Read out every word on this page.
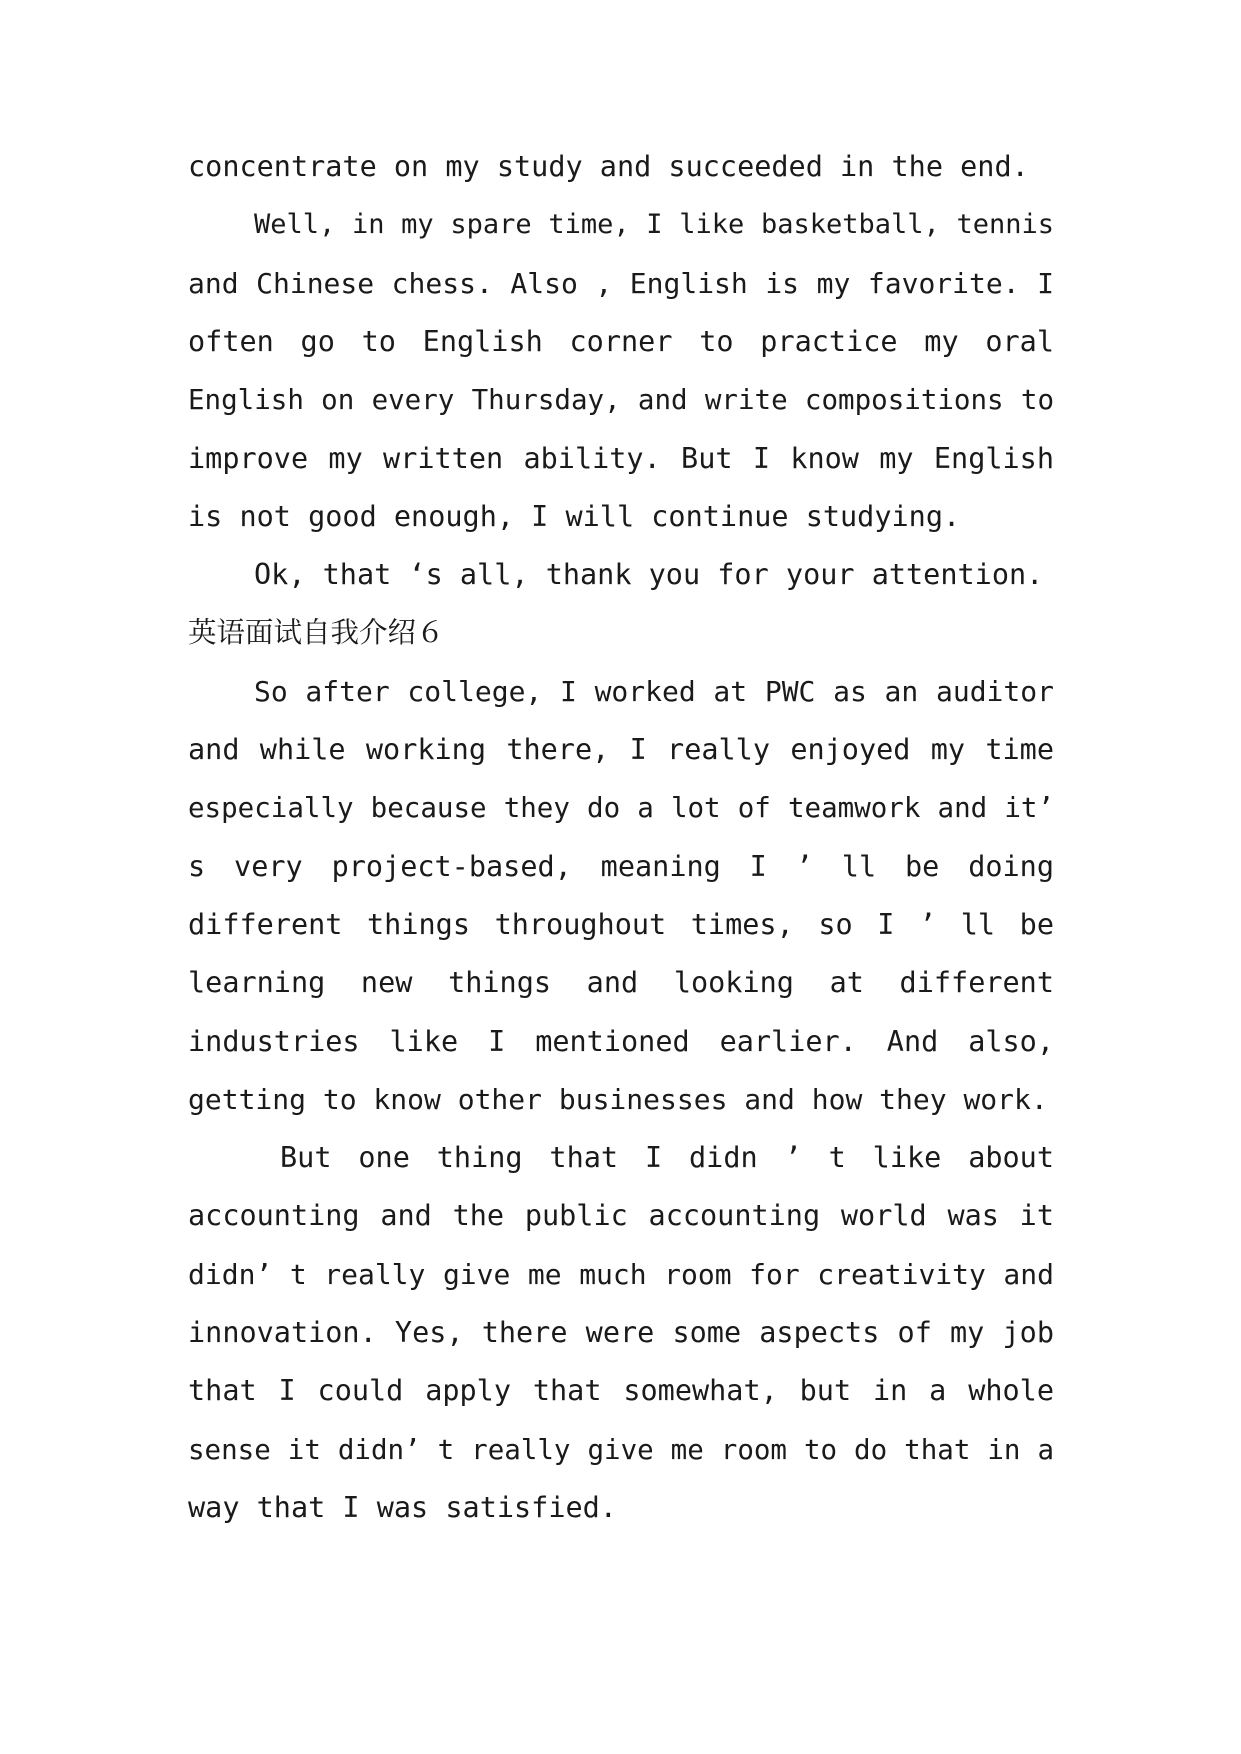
concentrate on my study and succeeded in the end.
Well, in my spare time, I like basketball, tennis
and Chinese chess. Also , English is my favorite. I
often go to English corner to practice my oral
English on every Thursday, and write compositions to
improve my written ability. But I know my English
is not good enough, I will continue studying.
Ok, that ‘s all, thank you for your attention.
英语面试自我介绍６
So after college, I worked at PWC as an auditor
and while working there, I really enjoyed my time
especially because they do a lot of teamwork and it’
s very project-based, meaning I ’ ll be doing
different things throughout times, so I ’ ll be
learning new things and looking at different
industries like I mentioned earlier. And also,
getting to know other businesses and how they work.
But one thing that I didn ’ t like about
accounting and the public accounting world was it
didn’ t really give me much room for creativity and
innovation. Yes, there were some aspects of my job
that I could apply that somewhat, but in a whole
sense it didn’ t really give me room to do that in a
way that I was satisfied.
